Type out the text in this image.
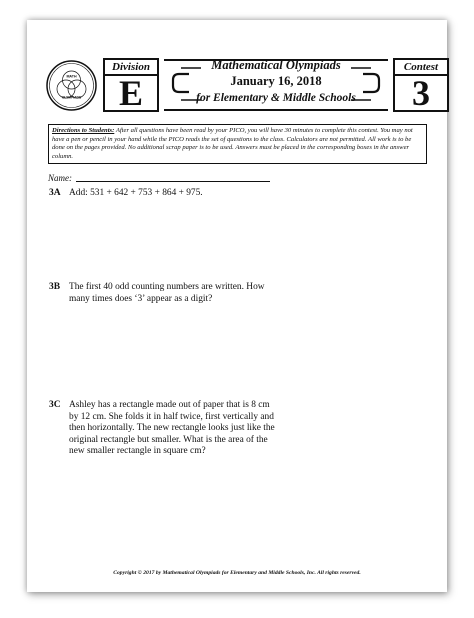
MATH
OLYMPIADS
Division
E
Mathematical Olympiads
January 16, 2018
for Elementary & Middle Schools
Contest
3
Directions to Students: After all questions have been read by your PICO, you will have 30 minutes to complete this contest. You may not have a pen or pencil in your hand while the PICO reads the set of questions to the class. Calculators are not permitted. All work is to be done on the pages provided. No additional scrap paper is to be used. Answers must be placed in the corresponding boxes in the answer column.
Name:
3A Add: 531 + 642 + 753 + 864 + 975.
3B The first 40 odd counting numbers are written. How many times does ‘3’ appear as a digit?
3C Ashley has a rectangle made out of paper that is 8 cm by 12 cm. She folds it in half twice, first vertically and then horizontally. The new rectangle looks just like the original rectangle but smaller. What is the area of the new smaller rectangle in square cm?
Copyright © 2017 by Mathematical Olympiads for Elementary and Middle Schools, Inc. All rights reserved.
